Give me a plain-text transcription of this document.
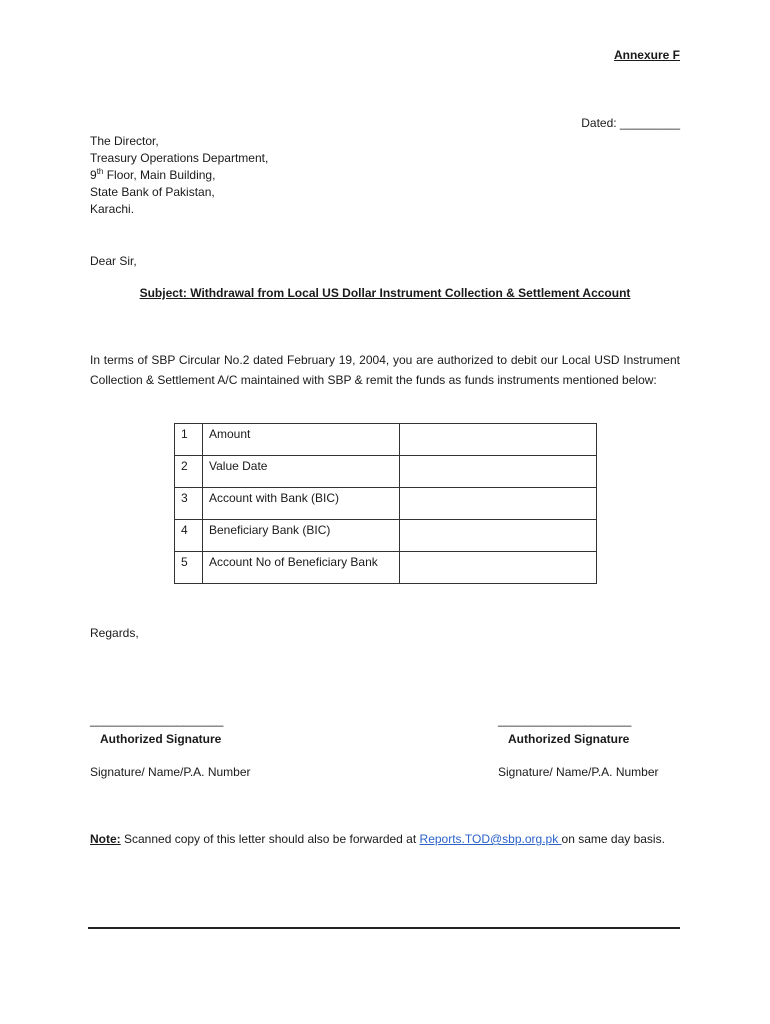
Annexure F
Dated: _________
The Director,
Treasury Operations Department,
9th Floor, Main Building,
State Bank of Pakistan,
Karachi.
Dear Sir,
Subject: Withdrawal from Local US Dollar Instrument Collection & Settlement Account
In terms of SBP Circular No.2 dated February 19, 2004, you are authorized to debit our Local USD Instrument Collection & Settlement A/C maintained with SBP & remit the funds as funds instruments mentioned below:
1	Amount	
2	Value Date	
3	Account with Bank (BIC)	
4	Beneficiary Bank (BIC)	
5	Account No of Beneficiary Bank	
Regards,
____________________	____________________
Authorized Signature	Authorized Signature
Signature/ Name/P.A. Number	Signature/ Name/P.A. Number
Note: Scanned copy of this letter should also be forwarded at Reports.TOD@sbp.org.pk on same day basis.
